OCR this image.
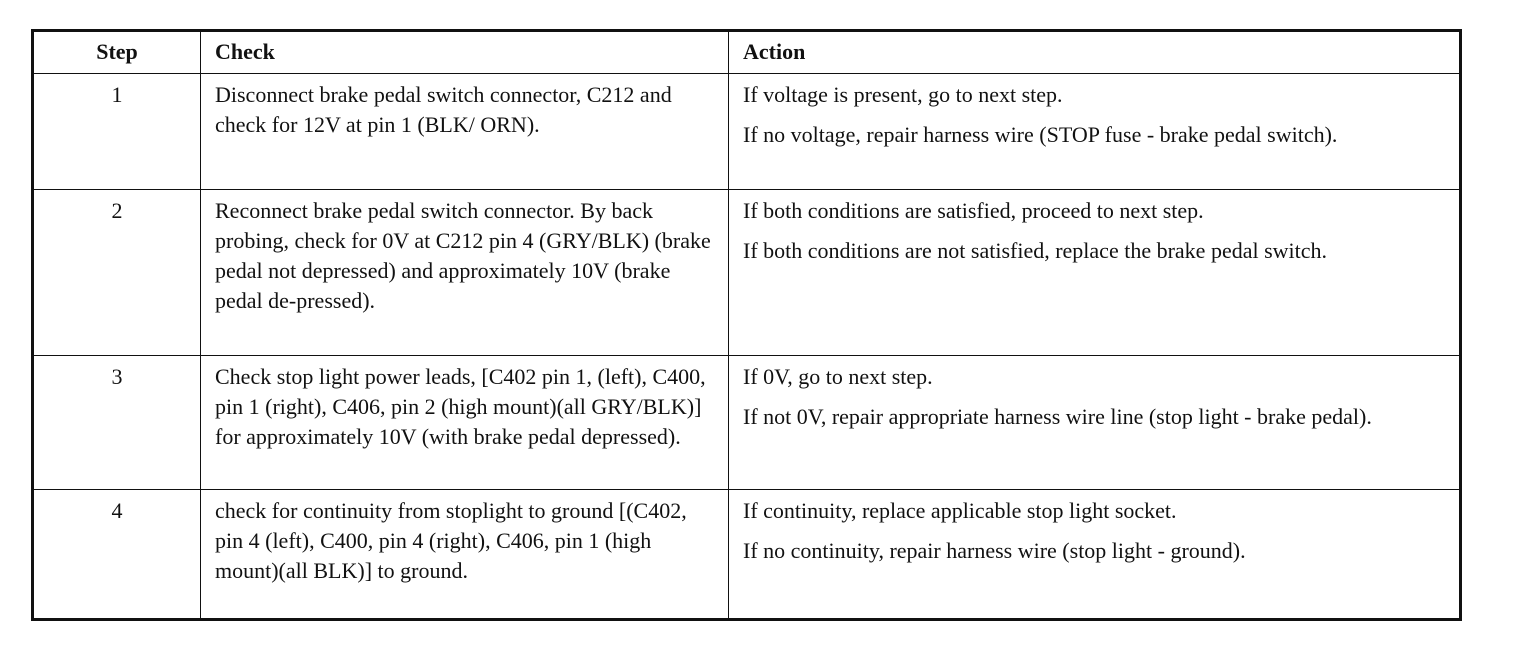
Step	Check	Action
1	Disconnect brake pedal switch connector, C212 and check for 12V at pin 1 (BLK/ ORN).	If voltage is present, go to next step.
If no voltage, repair harness wire (STOP fuse - brake pedal switch).

2	Reconnect brake pedal switch connector. By back probing, check for 0V at C212 pin 4 (GRY/BLK) (brake pedal not depressed) and approximately 10V (brake pedal de-pressed).	If both conditions are satisfied, proceed to next step.
If both conditions are not satisfied, replace the brake pedal switch.

3	Check stop light power leads, [C402 pin 1, (left), C400, pin 1 (right), C406, pin 2 (high mount)(all GRY/BLK)] for approximately 10V (with brake pedal depressed).	If 0V, go to next step.
If not 0V, repair appropriate harness wire line (stop light - brake pedal).

4	check for continuity from stoplight to ground [(C402, pin 4 (left), C400, pin 4 (right), C406, pin 1 (high mount)(all BLK)] to ground.	If continuity, replace applicable stop light socket.
If no continuity, repair harness wire (stop light - ground).
